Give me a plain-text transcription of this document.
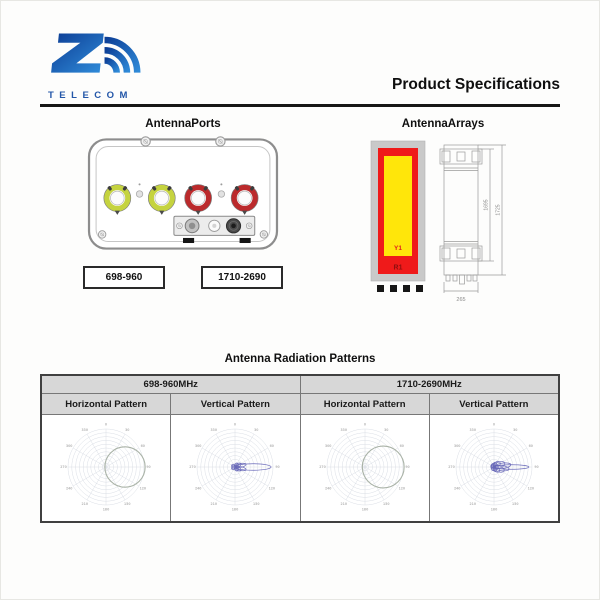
TELECOM
Product Specifications
AntennaPorts
698-960	1710-2690
AntennaArrays
Y1
R1
1695 1725
265
Antenna Radiation Patterns
698-960MHz	1710-2690MHz
Horizontal Pattern	Vertical Pattern	Horizontal Pattern	Vertical Pattern
0
30
60
90
120
150
180
210
240
270
300
330
0
30
60
90
120
150
180
210
240
270
300
330
0
30
60
90
120
150
180
210
240
270
300
330
0
30
60
90
120
150
180
210
240
270
300
330
